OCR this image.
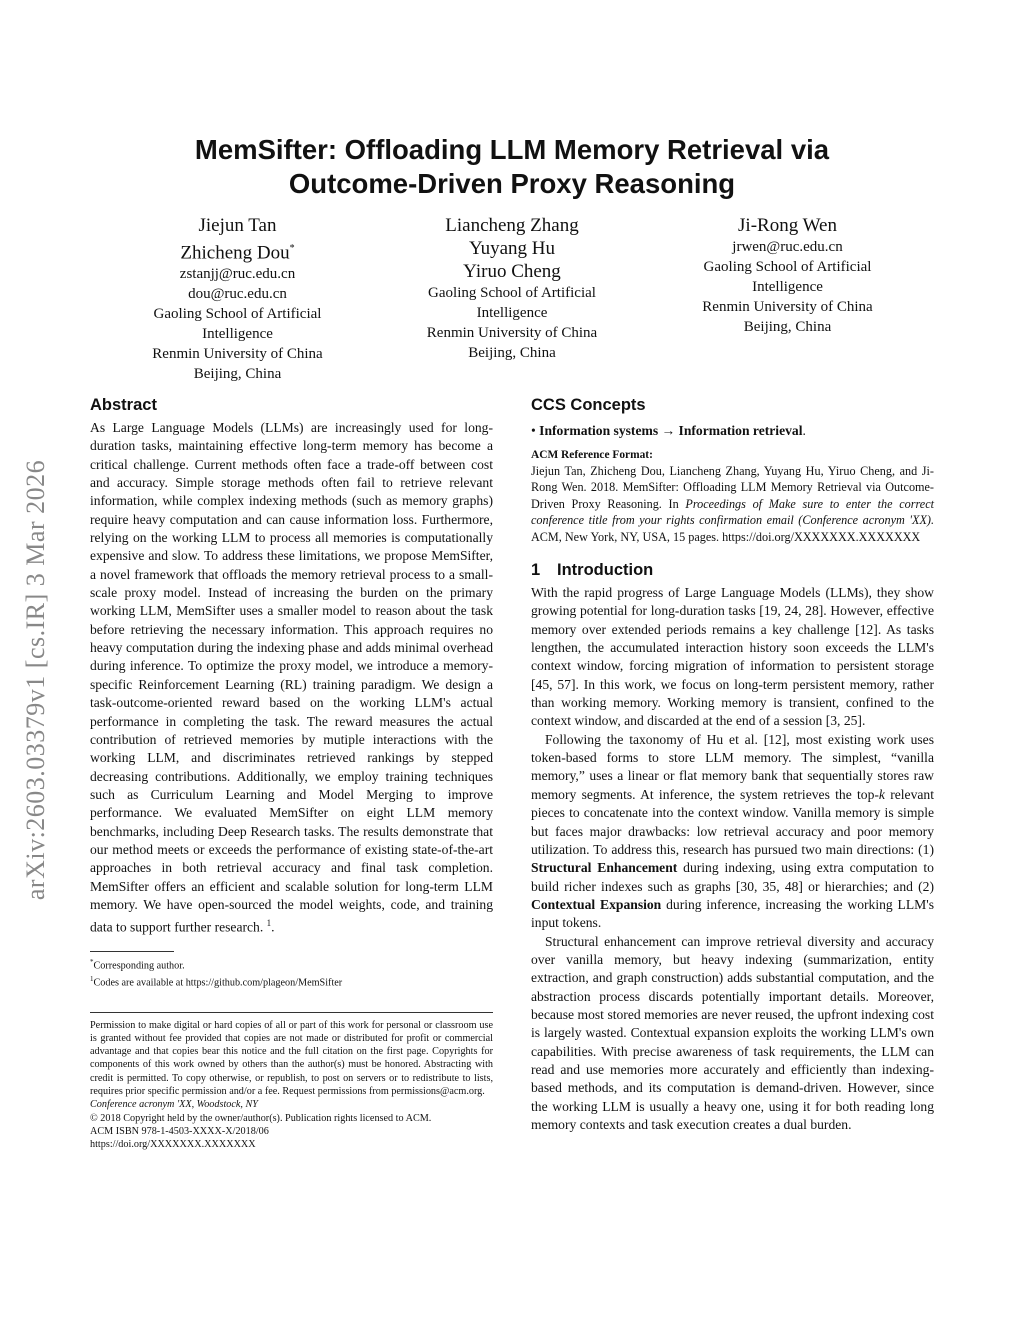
arXiv:2603.03379v1 [cs.IR] 3 Mar 2026
MemSifter: Offloading LLM Memory Retrieval via
Outcome-Driven Proxy Reasoning
Jiejun Tan
Zhicheng Dou*
zstanjj@ruc.edu.cn
dou@ruc.edu.cn
Gaoling School of Artificial
Intelligence
Renmin University of China
Beijing, China
Liancheng Zhang
Yuyang Hu
Yiruo Cheng
Gaoling School of Artificial
Intelligence
Renmin University of China
Beijing, China
Ji-Rong Wen
jrwen@ruc.edu.cn
Gaoling School of Artificial
Intelligence
Renmin University of China
Beijing, China
Abstract
As Large Language Models (LLMs) are increasingly used for long-duration tasks, maintaining effective long-term memory has become a critical challenge. Current methods often face a trade-off between cost and accuracy. Simple storage methods often fail to retrieve relevant information, while complex indexing methods (such as memory graphs) require heavy computation and can cause information loss. Furthermore, relying on the working LLM to process all memories is computationally expensive and slow. To address these limitations, we propose MemSifter, a novel framework that offloads the memory retrieval process to a small-scale proxy model. Instead of increasing the burden on the primary working LLM, MemSifter uses a smaller model to reason about the task before retrieving the necessary information. This approach requires no heavy computation during the indexing phase and adds minimal overhead during inference. To optimize the proxy model, we introduce a memory-specific Reinforcement Learning (RL) training paradigm. We design a task-outcome-oriented reward based on the working LLM's actual performance in completing the task. The reward measures the actual contribution of retrieved memories by mutiple interactions with the working LLM, and discriminates retrieved rankings by stepped decreasing contributions. Additionally, we employ training techniques such as Curriculum Learning and Model Merging to improve performance. We evaluated MemSifter on eight LLM memory benchmarks, including Deep Research tasks. The results demonstrate that our method meets or exceeds the performance of existing state-of-the-art approaches in both retrieval accuracy and final task completion. MemSifter offers an efficient and scalable solution for long-term LLM memory. We have open-sourced the model weights, code, and training data to support further research. $^1$.
*Corresponding author.
$^1$Codes are available at https://github.com/plageon/MemSifter
Permission to make digital or hard copies of all or part of this work for personal or classroom use is granted without fee provided that copies are not made or distributed for profit or commercial advantage and that copies bear this notice and the full citation on the first page. Copyrights for components of this work owned by others than the author(s) must be honored. Abstracting with credit is permitted. To copy otherwise, or republish, to post on servers or to redistribute to lists, requires prior specific permission and/or a fee. Request permissions from permissions@acm.org.
Conference acronym 'XX, Woodstock, NY
© 2018 Copyright held by the owner/author(s). Publication rights licensed to ACM.
ACM ISBN 978-1-4503-XXXX-X/2018/06
https://doi.org/XXXXXXX.XXXXXXX
CCS Concepts
• Information systems → Information retrieval.
ACM Reference Format:
Jiejun Tan, Zhicheng Dou, Liancheng Zhang, Yuyang Hu, Yiruo Cheng, and Ji-Rong Wen. 2018. MemSifter: Offloading LLM Memory Retrieval via Outcome-Driven Proxy Reasoning. In Proceedings of Make sure to enter the correct conference title from your rights confirmation email (Conference acronym 'XX). ACM, New York, NY, USA, 15 pages. https://doi.org/XXXXXXX.XXXXXXX
1 Introduction
With the rapid progress of Large Language Models (LLMs), they show growing potential for long-duration tasks [19, 24, 28]. However, effective memory over extended periods remains a key challenge [12]. As tasks lengthen, the accumulated interaction history soon exceeds the LLM's context window, forcing migration of information to persistent storage [45, 57]. In this work, we focus on long-term persistent memory, rather than working memory. Working memory is transient, confined to the context window, and discarded at the end of a session [3, 25].
Following the taxonomy of Hu et al. [12], most existing work uses token-based forms to store LLM memory. The simplest, “vanilla memory,” uses a linear or flat memory bank that sequentially stores raw memory segments. At inference, the system retrieves the top-k relevant pieces to concatenate into the context window. Vanilla memory is simple but faces major drawbacks: low retrieval accuracy and poor memory utilization. To address this, research has pursued two main directions: (1) Structural Enhancement during indexing, using extra computation to build richer indexes such as graphs [30, 35, 48] or hierarchies; and (2) Contextual Expansion during inference, increasing the working LLM's input tokens.
Structural enhancement can improve retrieval diversity and accuracy over vanilla memory, but heavy indexing (summarization, entity extraction, and graph construction) adds substantial computation, and the abstraction process discards potentially important details. Moreover, because most stored memories are never reused, the upfront indexing cost is largely wasted. Contextual expansion exploits the working LLM's own capabilities. With precise awareness of task requirements, the LLM can read and use memories more accurately and efficiently than indexing-based methods, and its computation is demand-driven. However, since the working LLM is usually a heavy one, using it for both reading long memory contexts and task execution creates a dual burden.
